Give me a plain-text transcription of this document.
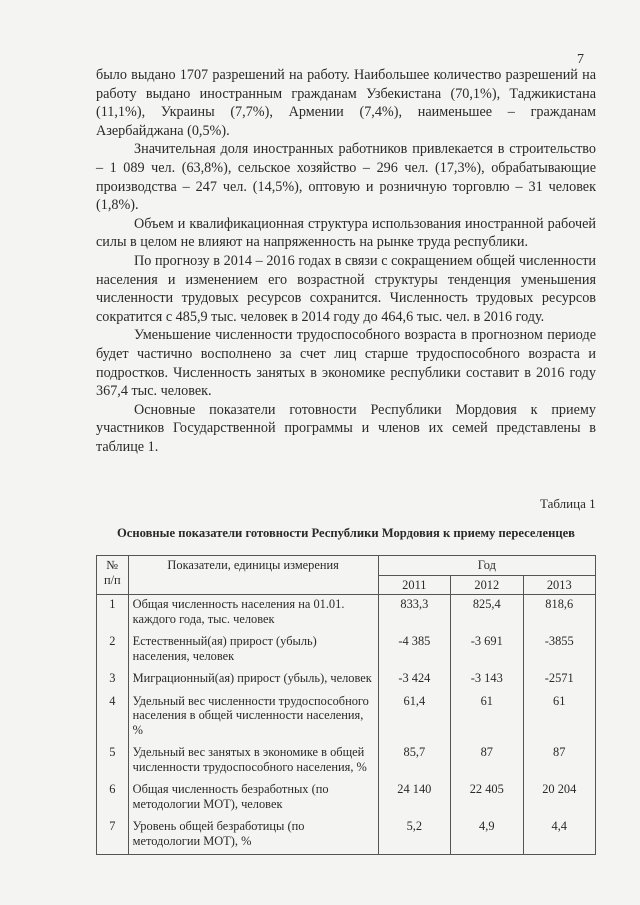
7

было выдано 1707 разрешений на работу. Наибольшее количество разрешений на работу выдано иностранным гражданам Узбекистана (70,1%), Таджикистана (11,1%), Украины (7,7%), Армении (7,4%), наименьшее – гражданам Азербайджана (0,5%).

Значительная доля иностранных работников привлекается в строительство – 1 089 чел. (63,8%), сельское хозяйство – 296 чел. (17,3%), обрабатывающие производства – 247 чел. (14,5%), оптовую и розничную торговлю – 31 человек (1,8%).

Объем и квалификационная структура использования иностранной рабочей силы в целом не влияют на напряженность на рынке труда республики.

По прогнозу в 2014 – 2016 годах в связи с сокращением общей численности населения и изменением его возрастной структуры тенденция уменьшения численности трудовых ресурсов сохранится. Численность трудовых ресурсов сократится с 485,9 тыс. человек в 2014 году до 464,6 тыс. чел. в 2016 году.

Уменьшение численности трудоспособного возраста в прогнозном периоде будет частично восполнено за счет лиц старше трудоспособного возраста и подростков. Численность занятых в экономике республики составит в 2016 году 367,4 тыс. человек.

Основные показатели готовности Республики Мордовия к приему участников Государственной программы и членов их семей представлены в таблице 1.

Таблица 1
Основные показатели готовности Республики Мордовия к приему переселенцев
№ п/п	Показатели, единицы измерения	Год		
		2011	2012	2013
1	Общая численность населения на 01.01. каждого года, тыс. человек	833,3	825,4	818,6
2	Естественный(ая) прирост (убыль) населения, человек	-4 385	-3 691	-3855
3	Миграционный(ая) прирост (убыль), человек	-3 424	-3 143	-2571
4	Удельный вес численности трудоспособного населения в общей численности населения, %	61,4	61	61
5	Удельный вес занятых в экономике в общей численности трудоспособного населения, %	85,7	87	87
6	Общая численность безработных (по методологии МОТ), человек	24 140	22 405	20 204
7	Уровень общей безработицы (по методологии МОТ), %	5,2	4,9	4,4
